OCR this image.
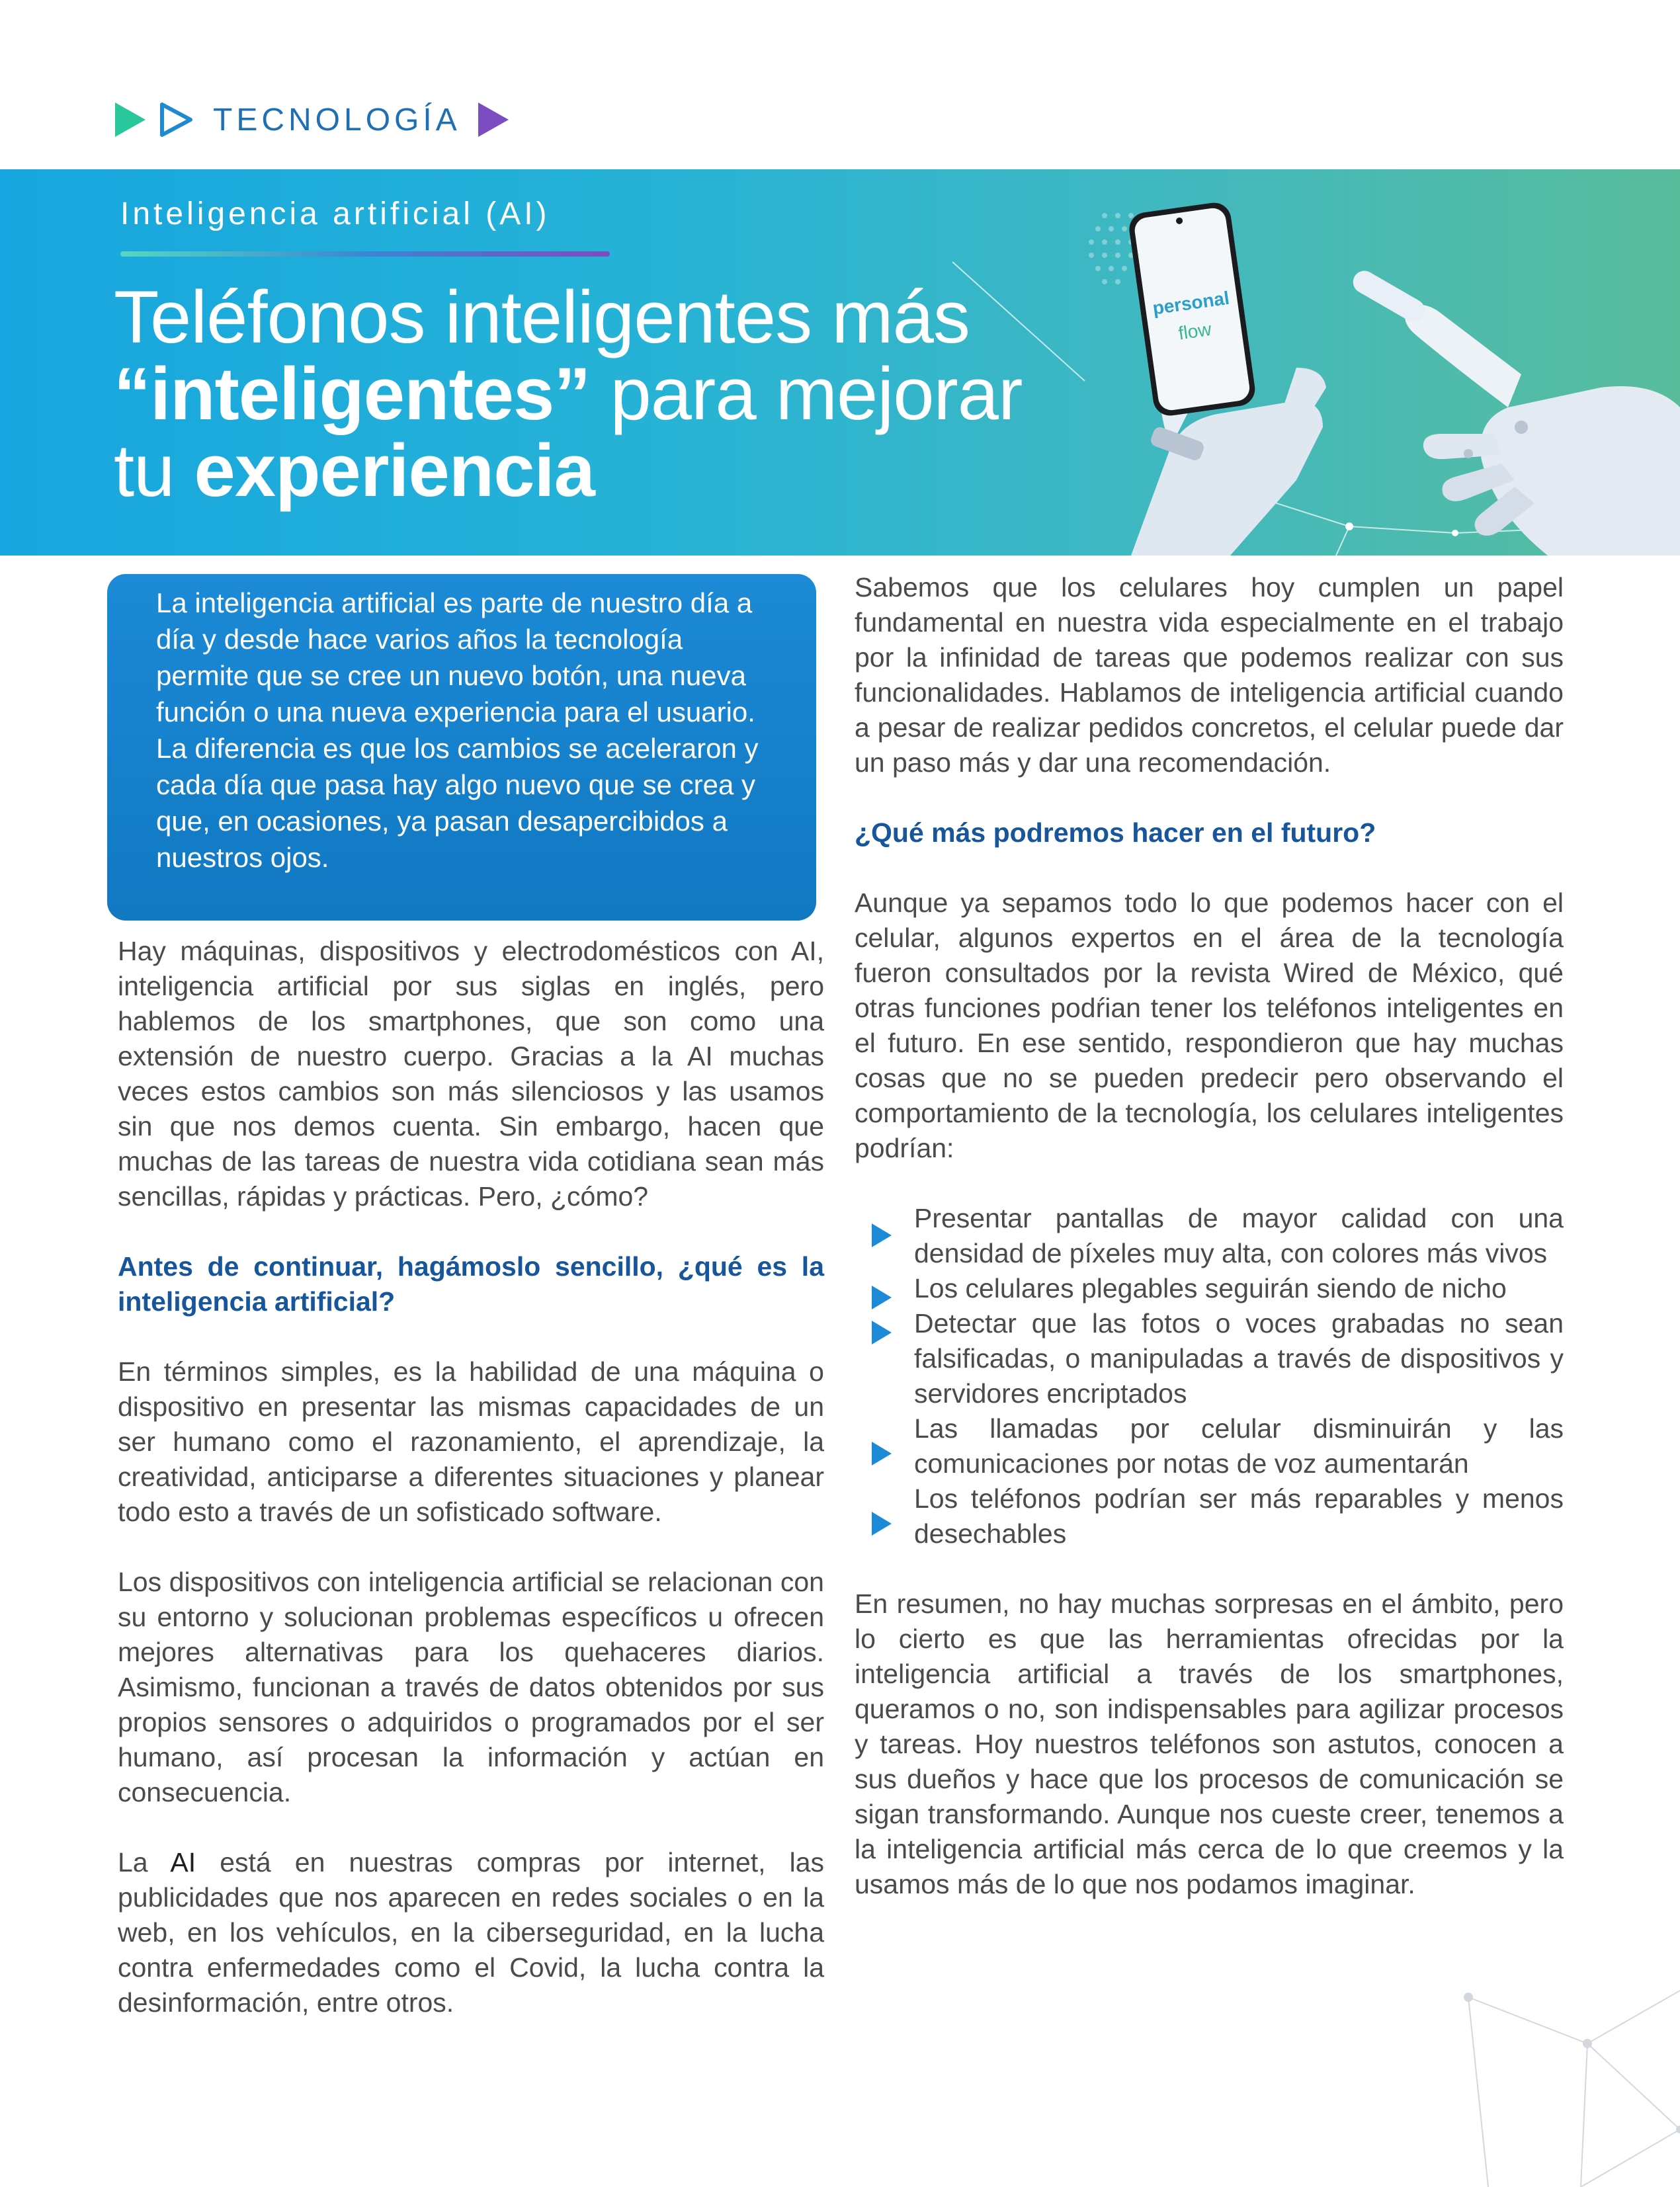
TECNOLOGÍA
Inteligencia artificial (AI)
Teléfonos inteligentes más
“inteligentes” para mejorar
tu experiencia
personal
flow

La inteligencia artificial es parte de nuestro día a día y desde hace varios años la tecnología permite que se cree un nuevo botón, una nueva función o una nueva experiencia para el usuario. La diferencia es que los cambios se aceleraron y cada día que pasa hay algo nuevo que se crea y que, en ocasiones, ya pasan desapercibidos a nuestros ojos.

Hay máquinas, dispositivos y electrodomésticos con AI, inteligencia artificial por sus siglas en inglés, pero hablemos de los smartphones, que son como una extensión de nuestro cuerpo. Gracias a la AI muchas veces estos cambios son más silenciosos y las usamos sin que nos demos cuenta. Sin embargo, hacen que muchas de las tareas de nuestra vida cotidiana sean más sencillas, rápidas y prácticas. Pero, ¿cómo?

Antes de continuar, hagámoslo sencillo, ¿qué es la inteligencia artificial?

En términos simples, es la habilidad de una máquina o dispositivo en presentar las mismas capacidades de un ser humano como el razonamiento, el aprendizaje, la creatividad, anticiparse a diferentes situaciones y planear todo esto a través de un sofisticado software.

Los dispositivos con inteligencia artificial se relacionan con su entorno y solucionan problemas específicos u ofrecen mejores alternativas para los quehaceres diarios. Asimismo, funcionan a través de datos obtenidos por sus propios sensores o adquiridos o programados por el ser humano, así procesan la información y actúan en consecuencia.

La AI está en nuestras compras por internet, las publicidades que nos aparecen en redes sociales o en la web, en los vehículos, en la ciberseguridad, en la lucha contra enfermedades como el Covid, la lucha contra la desinformación, entre otros.

Sabemos que los celulares hoy cumplen un papel fundamental en nuestra vida especialmente en el trabajo por la infinidad de tareas que podemos realizar con sus funcionalidades. Hablamos de inteligencia artificial cuando a pesar de realizar pedidos concretos, el celular puede dar un paso más y dar una recomendación.

¿Qué más podremos hacer en el futuro?

Aunque ya sepamos todo lo que podemos hacer con el celular, algunos expertos en el área de la tecnología fueron consultados por la revista Wired de México, qué otras funciones podŕian tener los teléfonos inteligentes en el futuro. En ese sentido, respondieron que hay muchas cosas que no se pueden predecir pero observando el comportamiento de la tecnología, los celulares inteligentes podrían:

Presentar pantallas de mayor calidad con una densidad de píxeles muy alta, con colores más vivos
Los celulares plegables seguirán siendo de nicho
Detectar que las fotos o voces grabadas no sean falsificadas, o manipuladas a través de dispositivos y servidores encriptados
Las llamadas por celular disminuirán y las comunicaciones por notas de voz aumentarán
Los teléfonos podrían ser más reparables y menos desechables

En resumen, no hay muchas sorpresas en el ámbito, pero lo cierto es que las herramientas ofrecidas por la inteligencia artificial a través de los smartphones, queramos o no, son indispensables para agilizar procesos y tareas. Hoy nuestros teléfonos son astutos, conocen a sus dueños y hace que los procesos de comunicación se sigan transformando. Aunque nos cueste creer, tenemos a la inteligencia artificial más cerca de lo que creemos y la usamos más de lo que nos podamos imaginar.
